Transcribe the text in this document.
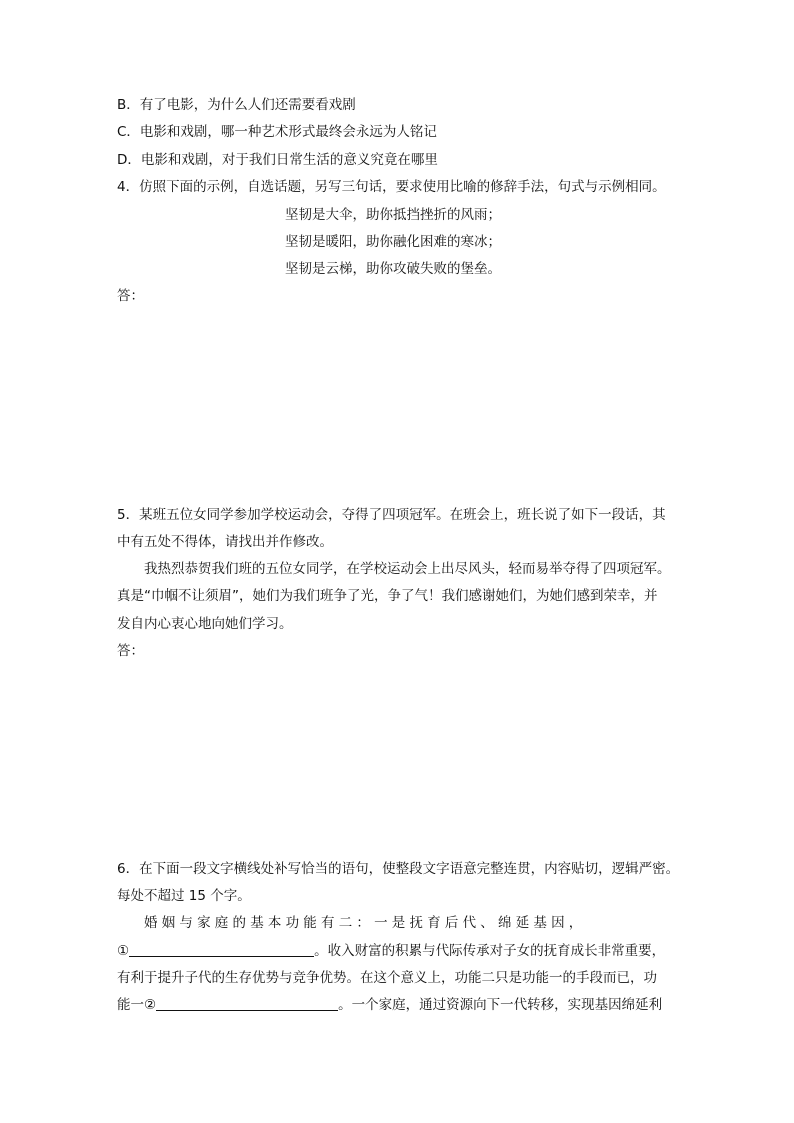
B．有了电影，为什么人们还需要看戏剧
C．电影和戏剧，哪一种艺术形式最终会永远为人铭记
D．电影和戏剧，对于我们日常生活的意义究竟在哪里
4．仿照下面的示例，自选话题，另写三句话，要求使用比喻的修辞手法，句式与示例相同。
坚韧是大伞，助你抵挡挫折的风雨；
坚韧是暖阳，助你融化困难的寒冰；
坚韧是云梯，助你攻破失败的堡垒。
答：
5．某班五位女同学参加学校运动会，夺得了四项冠军。在班会上，班长说了如下一段话，其
中有五处不得体，请找出并作修改。
我热烈恭贺我们班的五位女同学，在学校运动会上出尽风头，轻而易举夺得了四项冠军。
真是“巾帼不让须眉”，她们为我们班争了光，争了气！我们感谢她们，为她们感到荣幸，并
发自内心衷心地向她们学习。
答：
6．在下面一段文字横线处补写恰当的语句，使整段文字语意完整连贯，内容贴切，逻辑严密。
每处不超过 15 个字。
婚姻与家庭的基本功能有二：一是抚育后代、绵延基因，
①	。收入财富的积累与代际传承对子女的抚育成长非常重要，
有利于提升子代的生存优势与竞争优势。在这个意义上，功能二只是功能一的手段而已，功
能一②	。一个家庭，通过资源向下一代转移，实现基因绵延利
